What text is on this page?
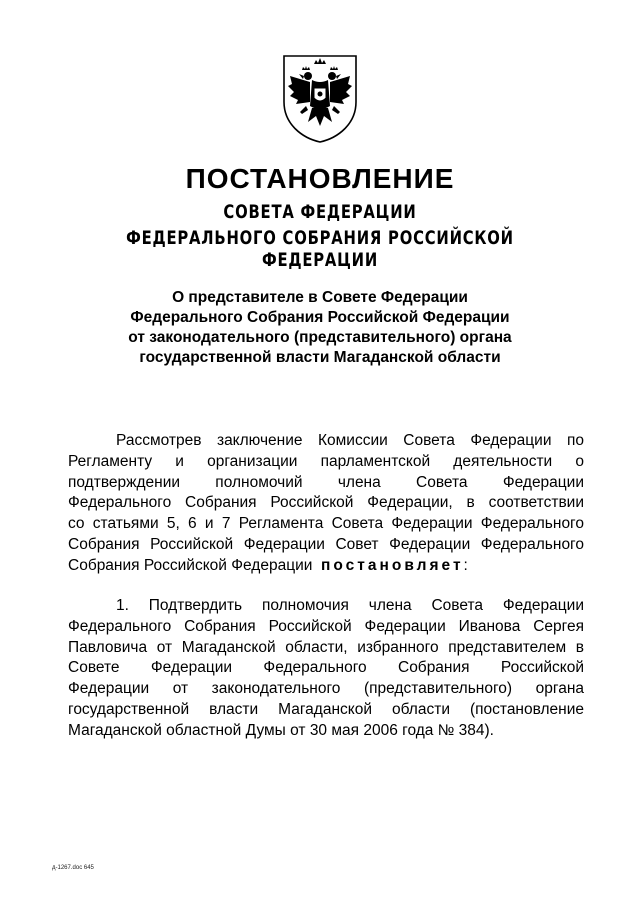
ПОСТАНОВЛЕНИЕ
СОВЕТА ФЕДЕРАЦИИ
ФЕДЕРАЛЬНОГО СОБРАНИЯ РОССИЙСКОЙ ФЕДЕРАЦИИ
О представителе в Совете Федерации
Федерального Собрания Российской Федерации
от законодательного (представительного) органа
государственной власти Магаданской области
Рассмотрев заключение Комиссии Совета Федерации по
Регламенту и организации парламентской деятельности о
подтверждении полномочий члена Совета Федерации
Федерального Собрания Российской Федерации, в соответствии
со статьями 5, 6 и 7 Регламента Совета Федерации Федерального
Собрания Российской Федерации Совет Федерации Федерального
Собрания Российской Федерации постановляет:
1. Подтвердить полномочия члена Совета Федерации
Федерального Собрания Российской Федерации Иванова Сергея
Павловича от Магаданской области, избранного представителем в
Совете Федерации Федерального Собрания Российской
Федерации от законодательного (представительного) органа
государственной власти Магаданской области (постановление
Магаданской областной Думы от 30 мая 2006 года № 384).
д-1267.doc 645
